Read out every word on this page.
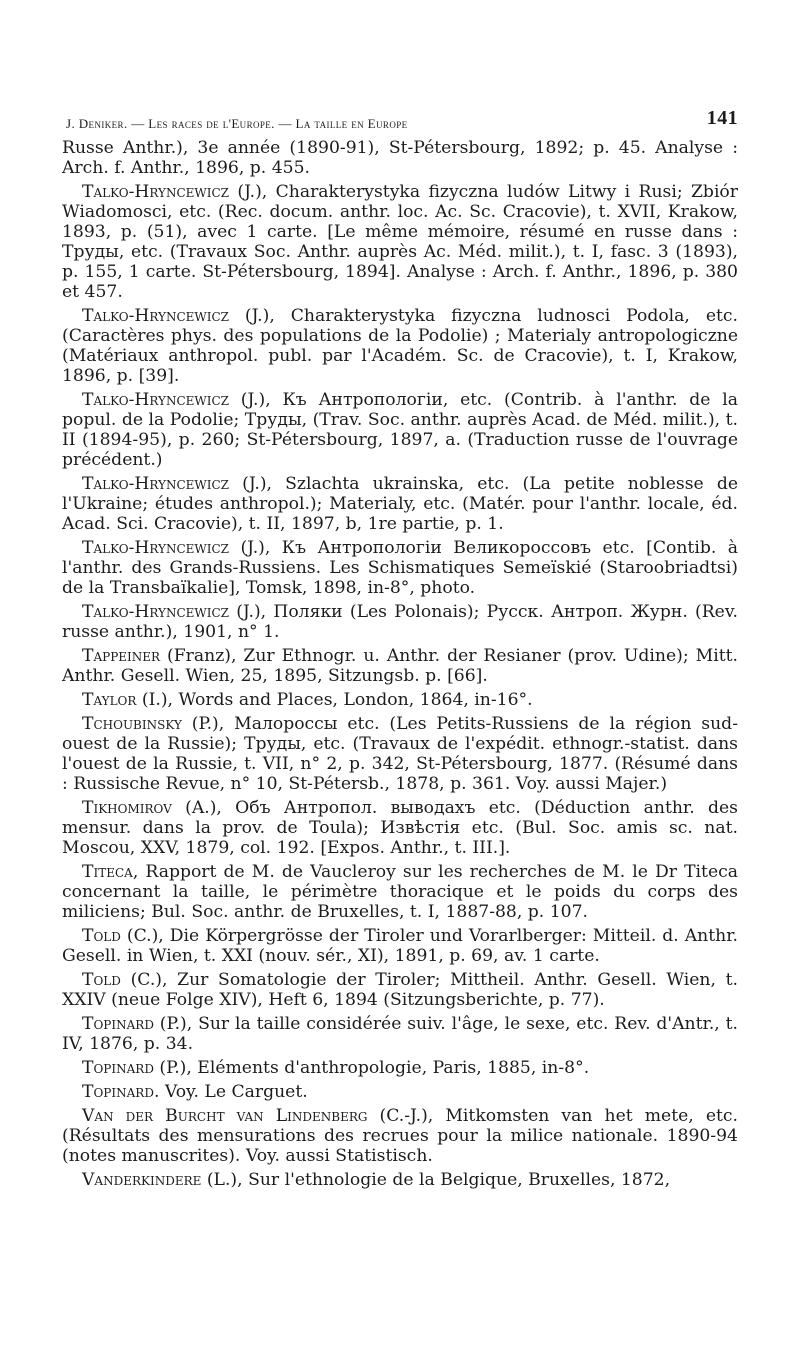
J. Deniker. — Les races de l'Europe. — La taille en Europe	141

Russe Anthr.), 3e année (1890-91), St-Pétersbourg, 1892; p. 45. Analyse : Arch. f. Anthr., 1896, p. 455.

Talko-Hryncewicz (J.), Charakterystyka fizyczna ludów Litwy i Rusi; Zbiór Wiadomosci, etc. (Rec. docum. anthr. loc. Ac. Sc. Cracovie), t. XVII, Krakow, 1893, p. (51), avec 1 carte. [Le même mémoire, résumé en russe dans : Труды, etc. (Travaux Soc. Anthr. auprès Ac. Méd. milit.), t. I, fasc. 3 (1893), p. 155, 1 carte. St-Pétersbourg, 1894]. Analyse : Arch. f. Anthr., 1896, p. 380 et 457.

Talko-Hryncewicz (J.), Charakterystyka fizyczna ludnosci Podola, etc. (Caractères phys. des populations de la Podolie) ; Materialy antropologiczne (Matériaux anthropol. publ. par l'Académ. Sc. de Cracovie), t. I, Krakow, 1896, p. [39].

Talko-Hryncewicz (J.), Къ Антропологіи, etc. (Contrib. à l'anthr. de la popul. de la Podolie; Труды, (Trav. Soc. anthr. auprès Acad. de Méd. milit.), t. II (1894-95), p. 260; St-Pétersbourg, 1897, a. (Traduction russe de l'ouvrage précédent.)

Talko-Hryncewicz (J.), Szlachta ukrainska, etc. (La petite noblesse de l'Ukraine; études anthropol.); Materialy, etc. (Matér. pour l'anthr. locale, éd. Acad. Sci. Cracovie), t. II, 1897, b, 1re partie, p. 1.

Talko-Hryncewicz (J.), Къ Антропологіи Великороссовъ etc. [Contib. à l'anthr. des Grands-Russiens. Les Schismatiques Semeïskié (Staroobriadtsi) de la Transbaïkalie], Tomsk, 1898, in-8°, photo.

Talko-Hryncewicz (J.), Поляки (Les Polonais); Русск. Антроп. Журн. (Rev. russe anthr.), 1901, n° 1.

Tappeiner (Franz), Zur Ethnogr. u. Anthr. der Resianer (prov. Udine); Mitt. Anthr. Gesell. Wien, 25, 1895, Sitzungsb. p. [66].

Taylor (I.), Words and Places, London, 1864, in-16°.

Tchoubinsky (P.), Малороссы etc. (Les Petits-Russiens de la région sud-ouest de la Russie); Труды, etc. (Travaux de l'expédit. ethnogr.-statist. dans l'ouest de la Russie, t. VII, n° 2, p. 342, St-Pétersbourg, 1877. (Résumé dans : Russische Revue, n° 10, St-Pétersb., 1878, p. 361. Voy. aussi Majer.)

Tikhomirov (A.), Объ Антропол. выводахъ etc. (Déduction anthr. des mensur. dans la prov. de Toula); Извѣстія etc. (Bul. Soc. amis sc. nat. Moscou, XXV, 1879, col. 192. [Expos. Anthr., t. III.].

Titeca, Rapport de M. de Vaucleroy sur les recherches de M. le Dr Titeca concernant la taille, le périmètre thoracique et le poids du corps des miliciens; Bul. Soc. anthr. de Bruxelles, t. I, 1887-88, p. 107.

Told (C.), Die Körpergrösse der Tiroler und Vorarlberger: Mitteil. d. Anthr. Gesell. in Wien, t. XXI (nouv. sér., XI), 1891, p. 69, av. 1 carte.

Told (C.), Zur Somatologie der Tiroler; Mittheil. Anthr. Gesell. Wien, t. XXIV (neue Folge XIV), Heft 6, 1894 (Sitzungsberichte, p. 77).

Topinard (P.), Sur la taille considérée suiv. l'âge, le sexe, etc. Rev. d'Antr., t. IV, 1876, p. 34.

Topinard (P.), Eléments d'anthropologie, Paris, 1885, in-8°.

Topinard. Voy. Le Carguet.

Van der Burcht van Lindenberg (C.-J.), Mitkomsten van het mete, etc. (Résultats des mensurations des recrues pour la milice nationale. 1890-94 (notes manuscrites). Voy. aussi Statistisch.

Vanderkindere (L.), Sur l'ethnologie de la Belgique, Bruxelles, 1872,
